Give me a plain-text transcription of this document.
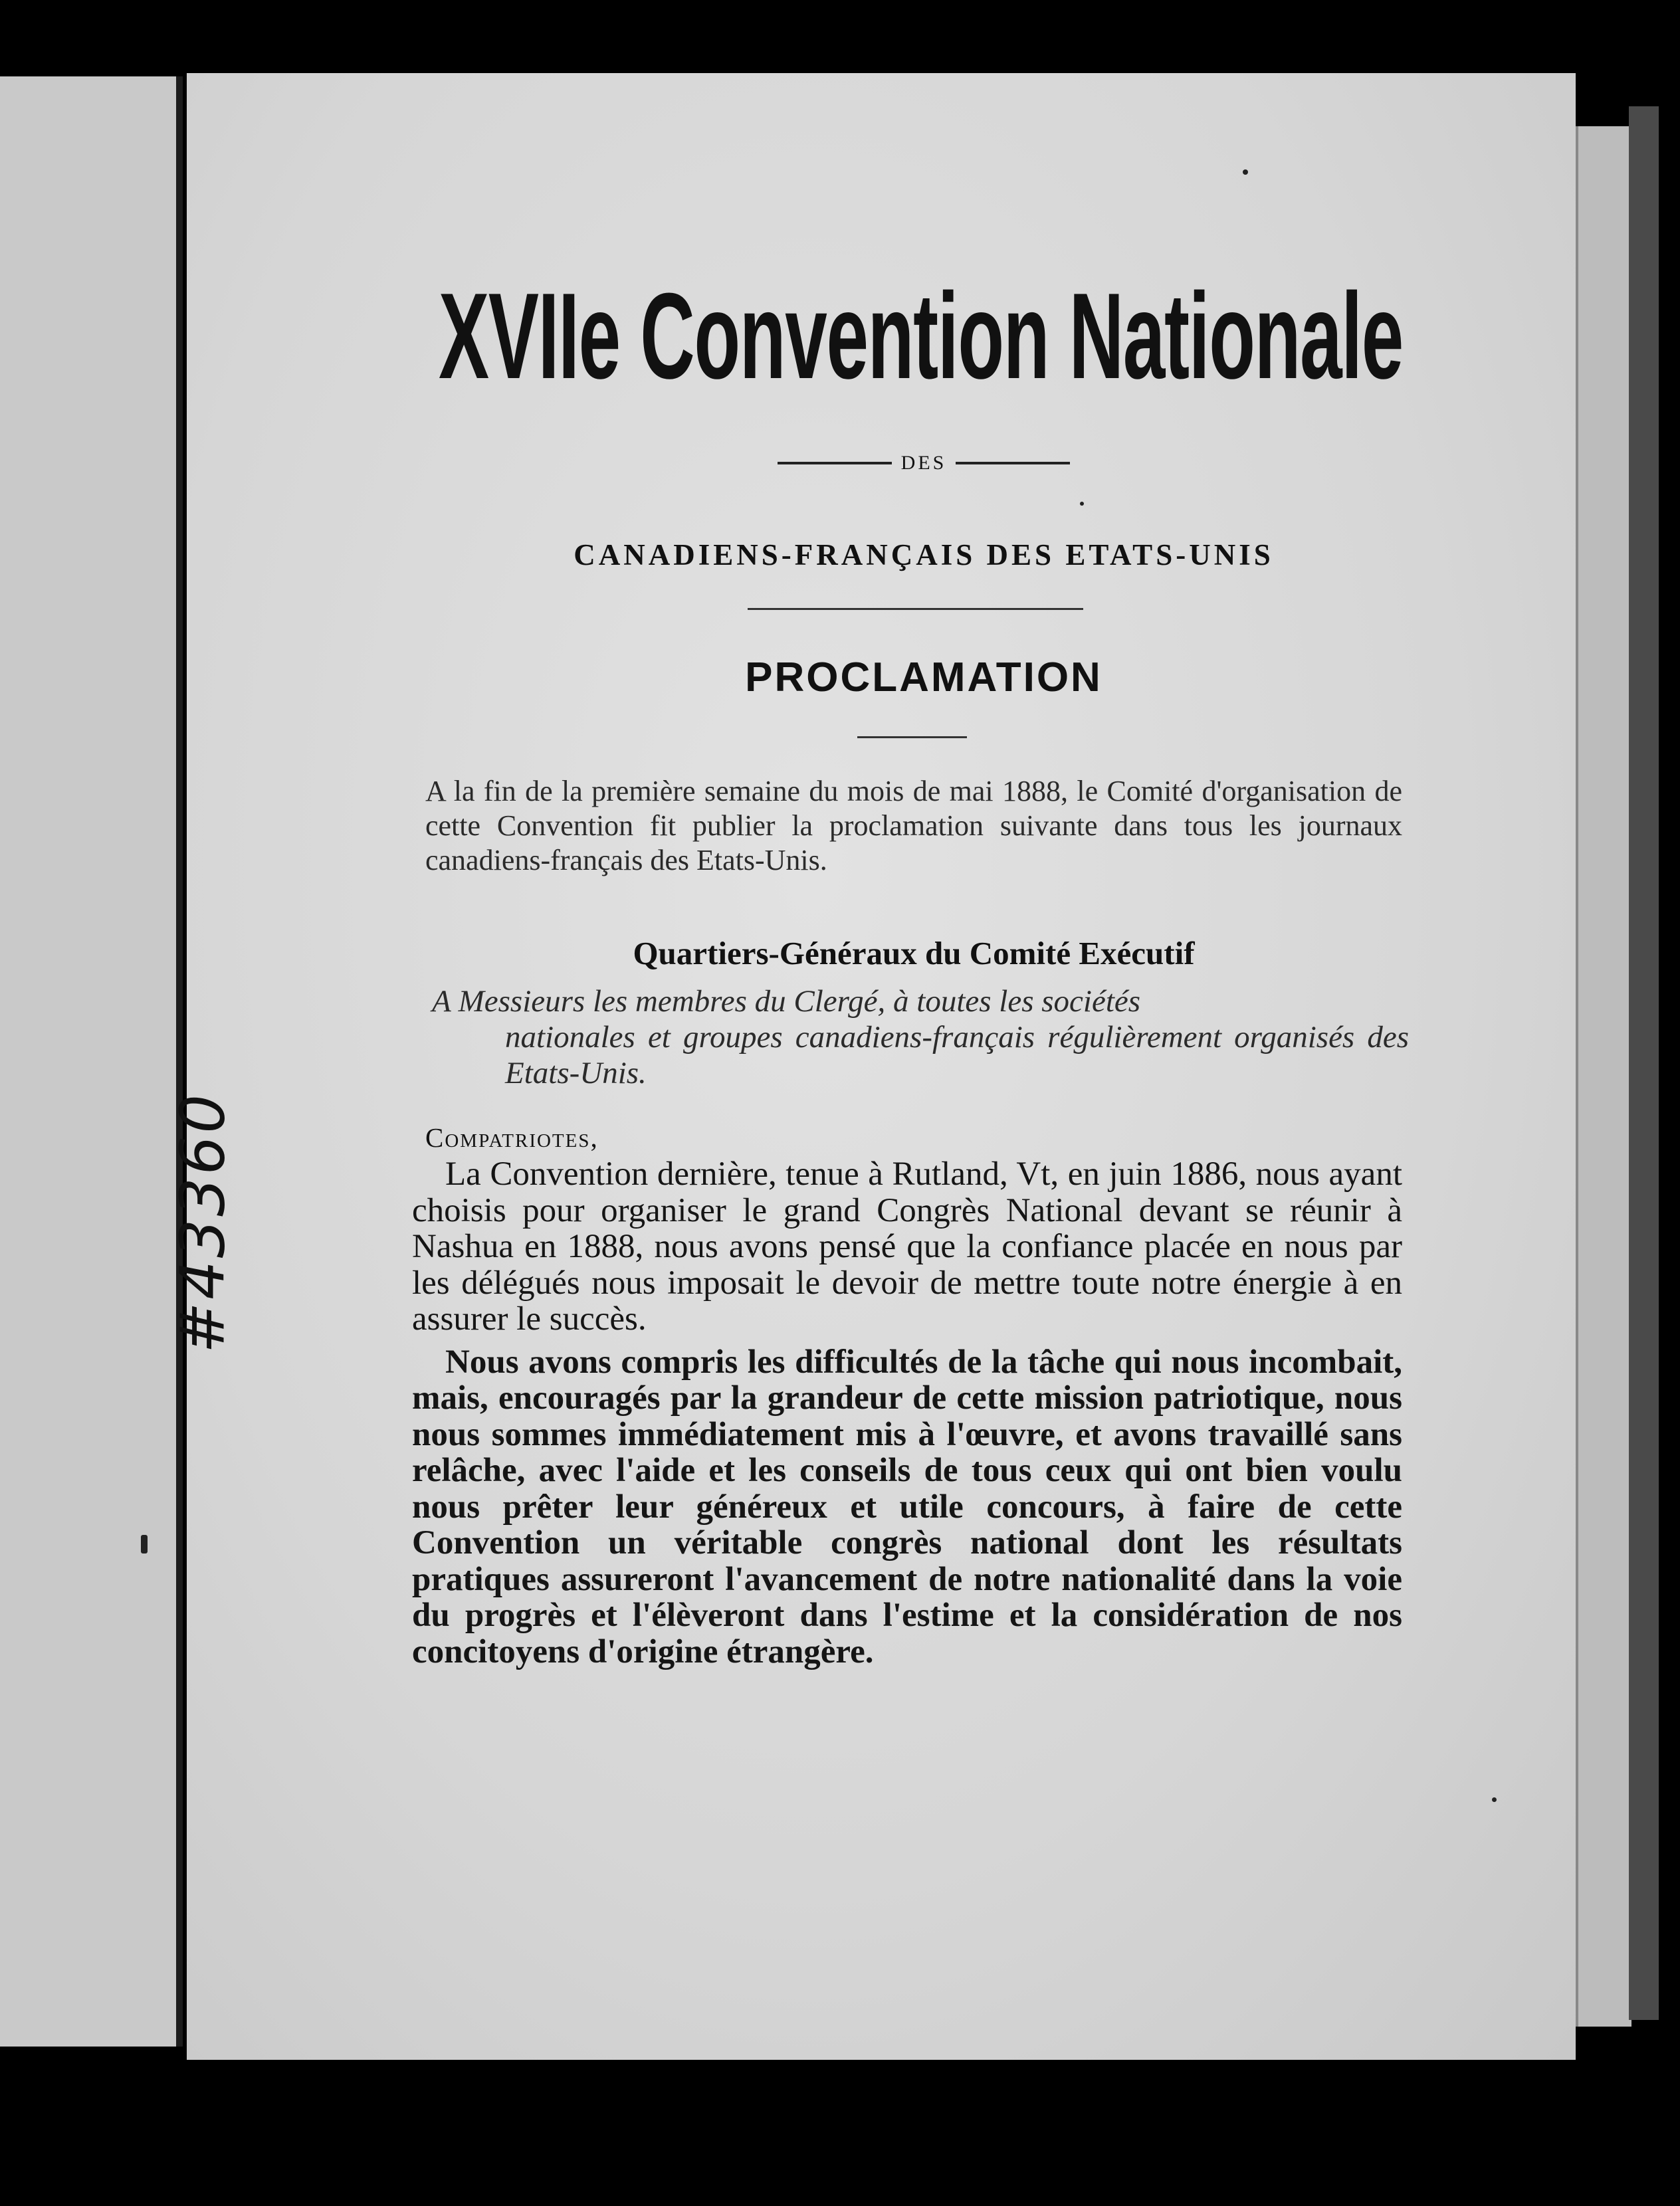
#43360
XVIIe Convention Nationale
DES
CANADIENS-FRANÇAIS DES ETATS-UNIS
PROCLAMATION
A la fin de la première semaine du mois de mai 1888, le Comité d'organisation de cette Convention fit publier la proclamation suivante dans tous les journaux canadiens-français des Etats-Unis.
Quartiers-Généraux du Comité Exécutif
A Messieurs les membres du Clergé, à toutes les sociétés
nationales et groupes canadiens-français régulièrement organisés des Etats-Unis.
Compatriotes,

La Convention dernière, tenue à Rutland, Vt, en juin 1886, nous ayant choisis pour organiser le grand Congrès National devant se réunir à Nashua en 1888, nous avons pensé que la confiance placée en nous par les délégués nous imposait le devoir de mettre toute notre énergie à en assurer le succès.

Nous avons compris les difficultés de la tâche qui nous incombait, mais, encouragés par la grandeur de cette mission patriotique, nous nous sommes immédiatement mis à l'œuvre, et avons travaillé sans relâche, avec l'aide et les conseils de tous ceux qui ont bien voulu nous prêter leur généreux et utile concours, à faire de cette Convention un véritable congrès national dont les résultats pratiques assureront l'avancement de notre nationalité dans la voie du progrès et l'élèveront dans l'estime et la considération de nos concitoyens d'origine étrangère.
